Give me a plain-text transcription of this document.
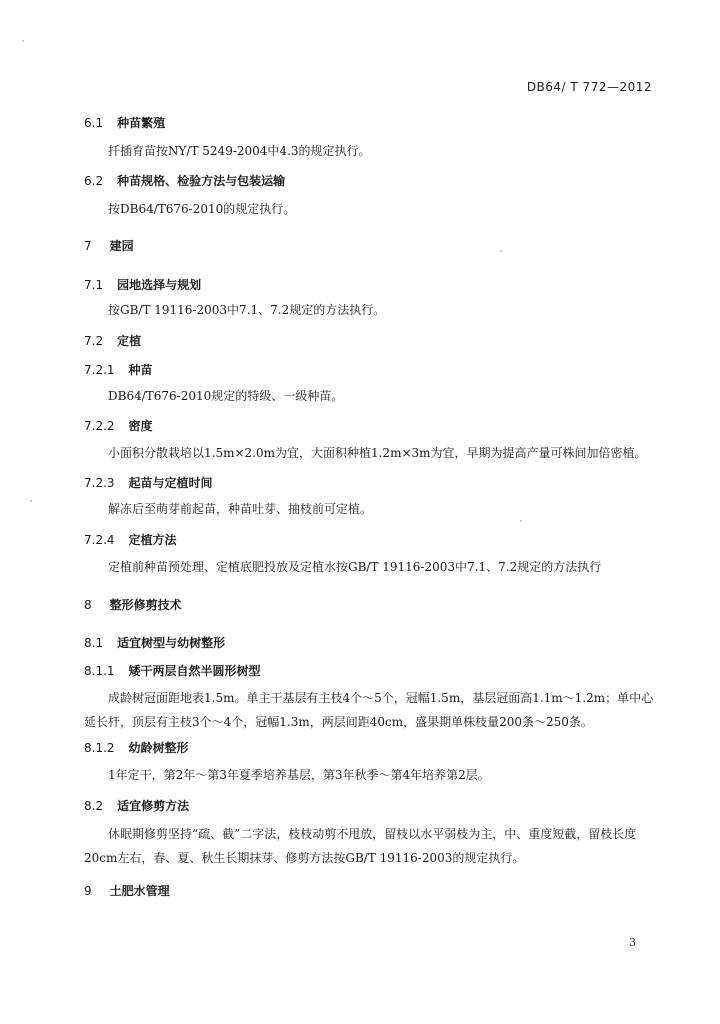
DB64/ T 772—2012
6.1 种苗繁殖
扦插育苗按NY/T 5249-2004中4.3的规定执行。
6.2 种苗规格、检验方法与包装运输
按DB64/T676-2010的规定执行。
7 建园
7.1 园地选择与规划
按GB/T 19116-2003中7.1、7.2规定的方法执行。
7.2 定植
7.2.1 种苗
DB64/T676-2010规定的特级、一级种苗。
7.2.2 密度
小面积分散栽培以1.5m×2.0m为宜，大面积种植1.2m×3m为宜，早期为提高产量可株间加倍密植。
7.2.3 起苗与定植时间
解冻后至萌芽前起苗，种苗吐芽、抽枝前可定植。
7.2.4 定植方法
定植前种苗预处理、定植底肥投放及定植水按GB/T 19116-2003中7.1、7.2规定的方法执行
8 整形修剪技术
8.1 适宜树型与幼树整形
8.1.1 矮干两层自然半圆形树型
成龄树冠面距地表1.5m。单主干基层有主枝4个～5个，冠幅1.5m，基层冠面高1.1m～1.2m；单中心延长杆，顶层有主枝3个～4个，冠幅1.3m，两层间距40cm，盛果期单株枝量200条～250条。
8.1.2 幼龄树整形
1年定干，第2年～第3年夏季培养基层，第3年秋季～第4年培养第2层。
8.2 适宜修剪方法
休眠期修剪坚持“疏、截”二字法，枝枝动剪不甩放，留枝以水平弱枝为主，中、重度短截，留枝长度20cm左右，春、夏、秋生长期抹芽、修剪方法按GB/T 19116-2003的规定执行。
9 土肥水管理
3
